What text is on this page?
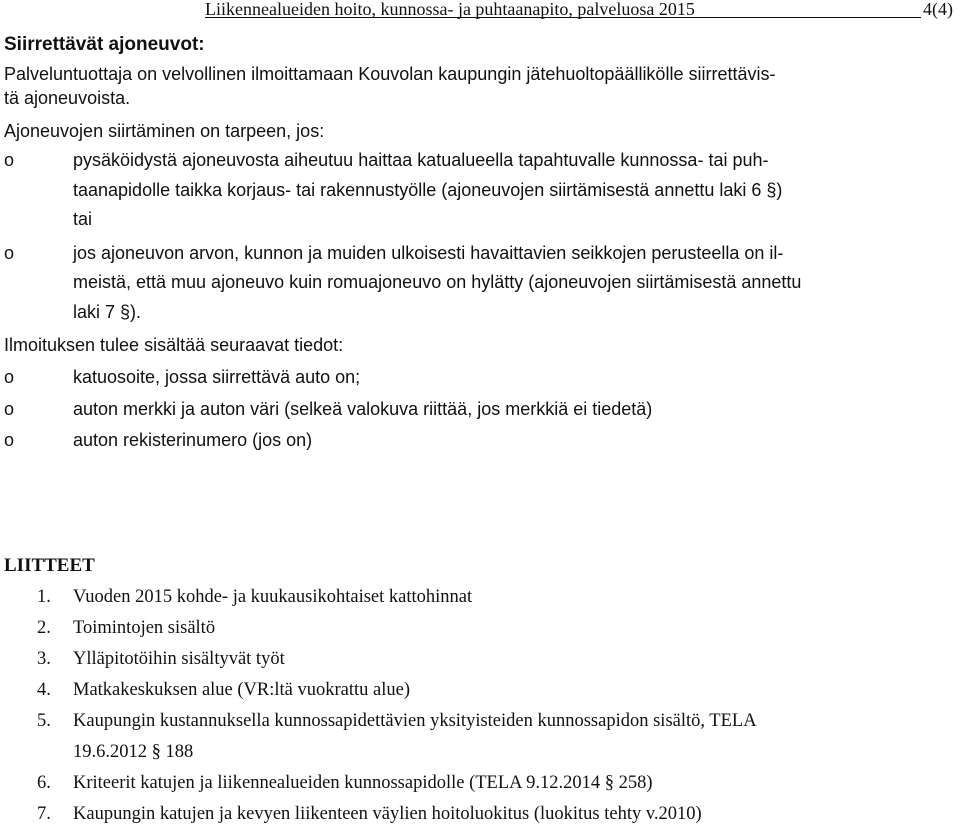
Liikennealueiden hoito, kunnossa- ja puhtaanapito, palveluosa 2015	4(4)
Siirrettävät ajoneuvot:
Palveluntuottaja on velvollinen ilmoittamaan Kouvolan kaupungin jätehuoltopäällikölle siirrettävis-
tä ajoneuvoista.
Ajoneuvojen siirtäminen on tarpeen, jos:
o	pysäköidystä ajoneuvosta aiheutuu haittaa katualueella tapahtuvalle kunnossa- tai puh-
taanapidolle taikka korjaus- tai rakennustyölle (ajoneuvojen siirtämisestä annettu laki 6 §)
tai
o	jos ajoneuvon arvon, kunnon ja muiden ulkoisesti havaittavien seikkojen perusteella on il-
meistä, että muu ajoneuvo kuin romuajoneuvo on hylätty (ajoneuvojen siirtämisestä annettu
laki 7 §).
Ilmoituksen tulee sisältää seuraavat tiedot:
o	katuosoite, jossa siirrettävä auto on;
o	auton merkki ja auton väri (selkeä valokuva riittää, jos merkkiä ei tiedetä)
o	auton rekisterinumero (jos on)
LIITTEET
1. Vuoden 2015 kohde- ja kuukausikohtaiset kattohinnat
2. Toimintojen sisältö
3. Ylläpitotöihin sisältyvät työt
4. Matkakeskuksen alue (VR:ltä vuokrattu alue)
5. Kaupungin kustannuksella kunnossapidettävien yksityisteiden kunnossapidon sisältö, TELA
19.6.2012 § 188
6. Kriteerit katujen ja liikennealueiden kunnossapidolle (TELA 9.12.2014 § 258)
7. Kaupungin katujen ja kevyen liikenteen väylien hoitoluokitus (luokitus tehty v.2010)
